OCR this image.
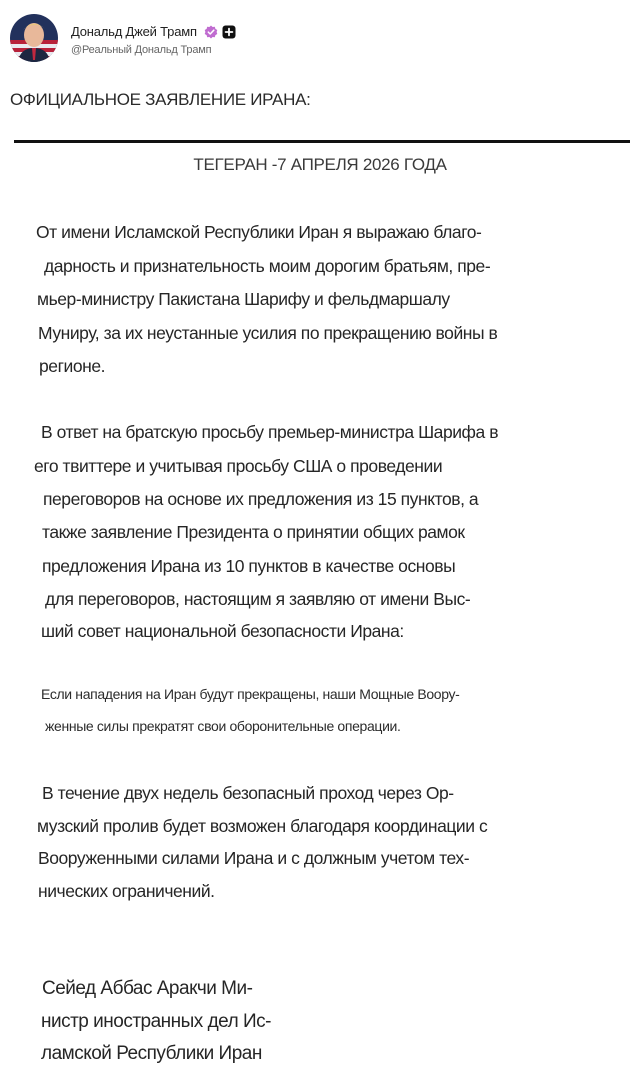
Дональд Джей Трамп
@Реальный Дональд Трамп
ОФИЦИАЛЬНОЕ ЗАЯВЛЕНИЕ ИРАНА:
ТЕГЕРАН -7 АПРЕЛЯ 2026 ГОДА
От имени Исламской Республики Иран я выражаю благо-
дарность и признательность моим дорогим братьям, пре-
мьер-министру Пакистана Шарифу и фельдмаршалу
Муниру, за их неустанные усилия по прекращению войны в
регионе.
В ответ на братскую просьбу премьер-министра Шарифа в
его твиттере и учитывая просьбу США о проведении
переговоров на основе их предложения из 15 пунктов, а
также заявление Президента о принятии общих рамок
предложения Ирана из 10 пунктов в качестве основы
для переговоров, настоящим я заявляю от имени Выс-
ший совет национальной безопасности Ирана:
Если нападения на Иран будут прекращены, наши Мощные Воору-
женные силы прекратят свои оборонительные операции.
В течение двух недель безопасный проход через Ор-
музский пролив будет возможен благодаря координации с
Вооруженными силами Ирана и с должным учетом тех-
нических ограничений.
Сейед Аббас Аракчи Ми-
нистр иностранных дел Ис-
ламской Республики Иран
